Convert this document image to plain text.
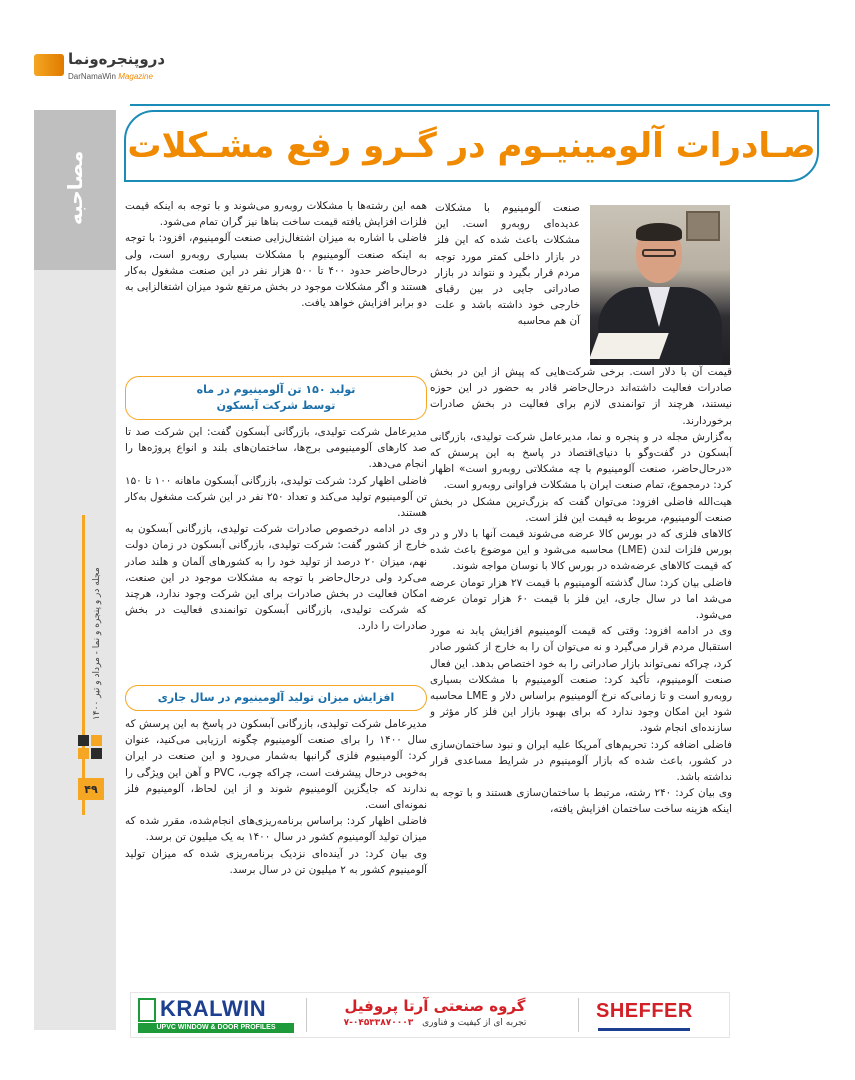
دروپنجره‌ونما
DarNamaWin Magazine
مصاحبه
مجله در و پنجره و نما - مرداد و تیر ۱۴۰۰
۴۹
صـادرات آلومینیـوم در گـرو رفع مشـکلات

صنعت آلومینیوم با مشکلات عدیده‌ای روبه‌رو است. این مشکلات باعث شده که این فلز در بازار داخلی کمتر مورد توجه مردم قرار بگیرد و نتواند در بازار صادراتی جایی در بین رقبای خارجی خود داشته باشد و علت آن هم محاسبه

قیمت آن با دلار است. برخی شرکت‌هایی که پیش از این در بخش صادرات فعالیت داشته‌اند درحال‌حاضر قادر به حضور در این حوزه نیستند، هرچند از توانمندی لازم برای فعالیت در بخش صادرات برخوردارند.

به‌گزارش مجله در و پنجره و نما، مدیرعامل شرکت تولیدی، بازرگانی آبسکون در گفت‌وگو با دنیای‌اقتصاد در پاسخ به این پرسش که «درحال‌حاضر، صنعت آلومینیوم با چه مشکلاتی روبه‌رو است» اظهار کرد: درمجموع، تمام صنعت ایران با مشکلات فراوانی روبه‌رو است.

هیت‌الله فاضلی افزود: می‌توان گفت که بزرگ‌ترین مشکل در بخش صنعت آلومینیوم، مربوط به قیمت این فلز است.

کالاهای فلزی که در بورس کالا عرضه می‌شوند قیمت آنها با دلار و در بورس فلزات لندن (LME) محاسبه می‌شود و این موضوع باعث شده که قیمت کالاهای عرضه‌شده در بورس کالا با نوسان مواجه شوند.

فاضلی بیان کرد: سال گذشته آلومینیوم با قیمت ۲۷ هزار تومان عرضه می‌شد اما در سال جاری، این فلز با قیمت ۶۰ هزار تومان عرضه می‌شود.

وی در ادامه افزود: وقتی که قیمت آلومینیوم افزایش یابد نه مورد استقبال مردم قرار می‌گیرد و نه می‌توان آن را به خارج از کشور صادر کرد، چراکه نمی‌تواند بازار صادراتی را به خود اختصاص بدهد. این فعال صنعت آلومینیوم، تأکید کرد: صنعت آلومینیوم با مشکلات بسیاری روبه‌رو است و تا زمانی‌که نرخ آلومینیوم براساس دلار و LME محاسبه شود این امکان وجود ندارد که برای بهبود بازار این فلز کار مؤثر و سازنده‌ای انجام شود.

فاضلی اضافه کرد: تحریم‌های آمریکا علیه ایران و نبود ساختمان‌سازی در کشور، باعث شده که بازار آلومینیوم در شرایط مساعدی قرار نداشته باشد.

وی بیان کرد: ۲۴۰ رشته، مرتبط با ساختمان‌سازی هستند و با توجه به اینکه هزینه ساخت ساختمان افزایش یافته،

همه این رشته‌ها با مشکلات روبه‌رو می‌شوند و با توجه به اینکه قیمت فلزات افزایش یافته قیمت ساخت بناها نیز گران تمام می‌شود.

فاضلی با اشاره به میزان اشتغال‌زایی صنعت آلومینیوم، افزود: با توجه به اینکه صنعت آلومینیوم با مشکلات بسیاری روبه‌رو است، ولی درحال‌حاضر حدود ۴۰۰ تا ۵۰۰ هزار نفر در این صنعت مشغول به‌کار هستند و اگر مشکلات موجود در بخش مرتفع شود میزان اشتغالزایی به دو برابر افزایش خواهد یافت.

تولید ۱۵۰ تن آلومینیوم در ماه
توسط شرکت آبسکون

مدیرعامل شرکت تولیدی، بازرگانی آبسکون گفت: این شرکت صد تا صد کارهای آلومینیومی برج‌ها، ساختمان‌های بلند و انواع پروژه‌ها را انجام می‌دهد.

فاضلی اظهار کرد: شرکت تولیدی، بازرگانی آبسکون ماهانه ۱۰۰ تا ۱۵۰ تن آلومینیوم تولید می‌کند و تعداد ۲۵۰ نفر در این شرکت مشغول به‌کار هستند.

وی در ادامه درخصوص صادرات شرکت تولیدی، بازرگانی آبسکون به خارج از کشور گفت: شرکت تولیدی، بازرگانی آبسکون در زمان دولت نهم، میزان ۲۰ درصد از تولید خود را به کشورهای آلمان و هلند صادر می‌کرد ولی درحال‌حاضر با توجه به مشکلات موجود در این صنعت، امکان فعالیت در بخش صادرات برای این شرکت وجود ندارد، هرچند که شرکت تولیدی، بازرگانی آبسکون توانمندی فعالیت در بخش صادرات را دارد.

افزایش میزان تولید آلومینیوم در سال جاری

مدیرعامل شرکت تولیدی، بازرگانی آبسکون در پاسخ به این پرسش که سال ۱۴۰۰ را برای صنعت آلومینیوم چگونه ارزیابی می‌کنید، عنوان کرد: آلومینیوم فلزی گرانبها به‌شمار می‌رود و این صنعت در ایران به‌خوبی درحال پیشرفت است، چراکه چوب، PVC و آهن این ویژگی را ندارند که جایگزین آلومینیوم شوند و از این لحاظ، آلومینیوم فلز نمونه‌ای است.

فاضلی اظهار کرد: براساس برنامه‌ریزی‌های انجام‌شده، مقرر شده که میزان تولید آلومینیوم کشور در سال ۱۴۰۰ به یک میلیون تن برسد.

وی بیان کرد: در آینده‌ای نزدیک برنامه‌ریزی شده که میزان تولید آلومینیوم کشور به ۲ میلیون تن در سال برسد.

KRALWIN
UPVC WINDOW & DOOR PROFILES
گروه صنعتی آرتا پروفیل
تجربه ای از کیفیت و فناوری ۰۴۵۳۳۸۷۰۰۰۳-۷
SHEFFER
